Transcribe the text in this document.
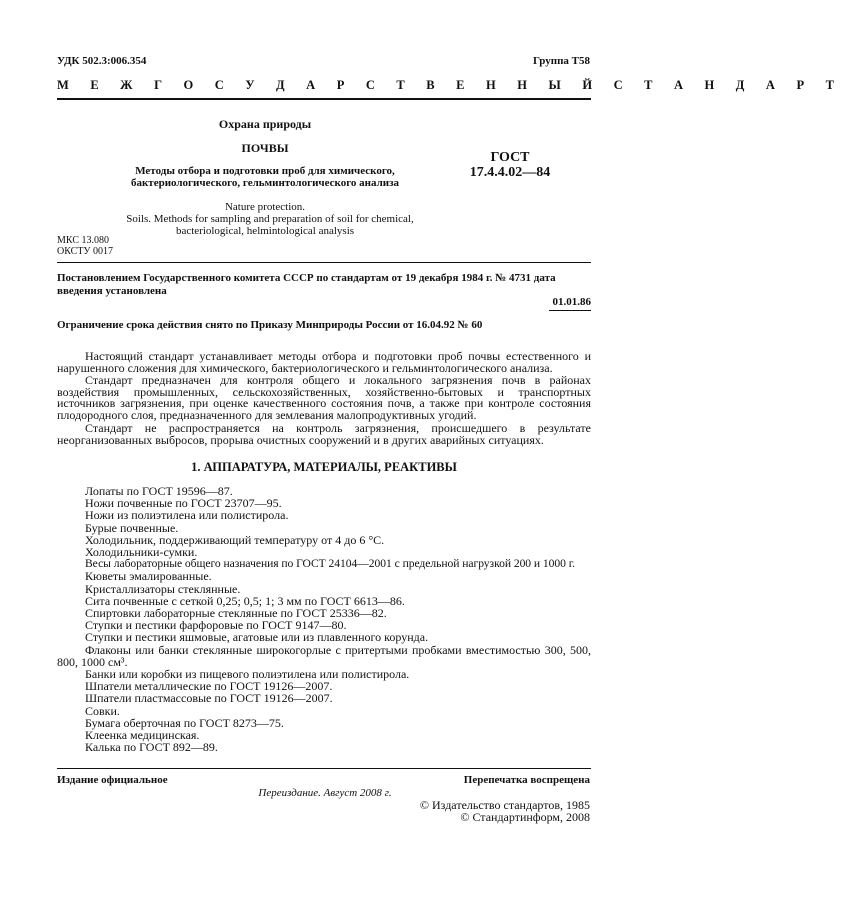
УДК 502.3:006.354	Группа Т58
М Е Ж Г О С У Д А Р С Т В Е Н Н Ы Й С Т А Н Д А Р Т
Охрана природы
ПОЧВЫ
Методы отбора и подготовки проб для химического,
бактериологического, гельминтологического анализа
ГОСТ
17.4.4.02—84
Nature protection.
Soils. Methods for sampling and preparation of soil for chemical,
bacteriological, helmintological analysis
МКС 13.080
ОКСТУ 0017
Постановлением Государственного комитета СССР по стандартам от 19 декабря 1984 г. № 4731 дата введения установлена
01.01.86
Ограничение срока действия снято по Приказу Минприроды России от 16.04.92 № 60
Настоящий стандарт устанавливает методы отбора и подготовки проб почвы естественного и нарушенного сложения для химического, бактериологического и гельминтологического анализа.
Стандарт предназначен для контроля общего и локального загрязнения почв в районах воздействия промышленных, сельскохозяйственных, хозяйственно-бытовых и транспортных источников загрязнения, при оценке качественного состояния почв, а также при контроле состояния плодородного слоя, предназначенного для землевания малопродуктивных угодий.
Стандарт не распространяется на контроль загрязнения, происшедшего в результате неорганизованных выбросов, прорыва очистных сооружений и в других аварийных ситуациях.
1. АППАРАТУРА, МАТЕРИАЛЫ, РЕАКТИВЫ
Лопаты по ГОСТ 19596—87.
Ножи почвенные по ГОСТ 23707—95.
Ножи из полиэтилена или полистирола.
Бурые почвенные.
Холодильник, поддерживающий температуру от 4 до 6 °С.
Холодильники-сумки.
Весы лабораторные общего назначения по ГОСТ 24104—2001 с предельной нагрузкой 200 и 1000 г.
Кюветы эмалированные.
Кристаллизаторы стеклянные.
Сита почвенные с сеткой 0,25; 0,5; 1; 3 мм по ГОСТ 6613—86.
Спиртовки лабораторные стеклянные по ГОСТ 25336—82.
Ступки и пестики фарфоровые по ГОСТ 9147—80.
Ступки и пестики яшмовые, агатовые или из плавленного корунда.
Флаконы или банки стеклянные широкогорлые с притертыми пробками вместимостью 300, 500, 800, 1000 см³.
Банки или коробки из пищевого полиэтилена или полистирола.
Шпатели металлические по ГОСТ 19126—2007.
Шпатели пластмассовые по ГОСТ 19126—2007.
Совки.
Бумага оберточная по ГОСТ 8273—75.
Клеенка медицинская.
Калька по ГОСТ 892—89.
Издание официальное	Перепечатка воспрещена
Переиздание. Август 2008 г.
© Издательство стандартов, 1985
© Стандартинформ, 2008
